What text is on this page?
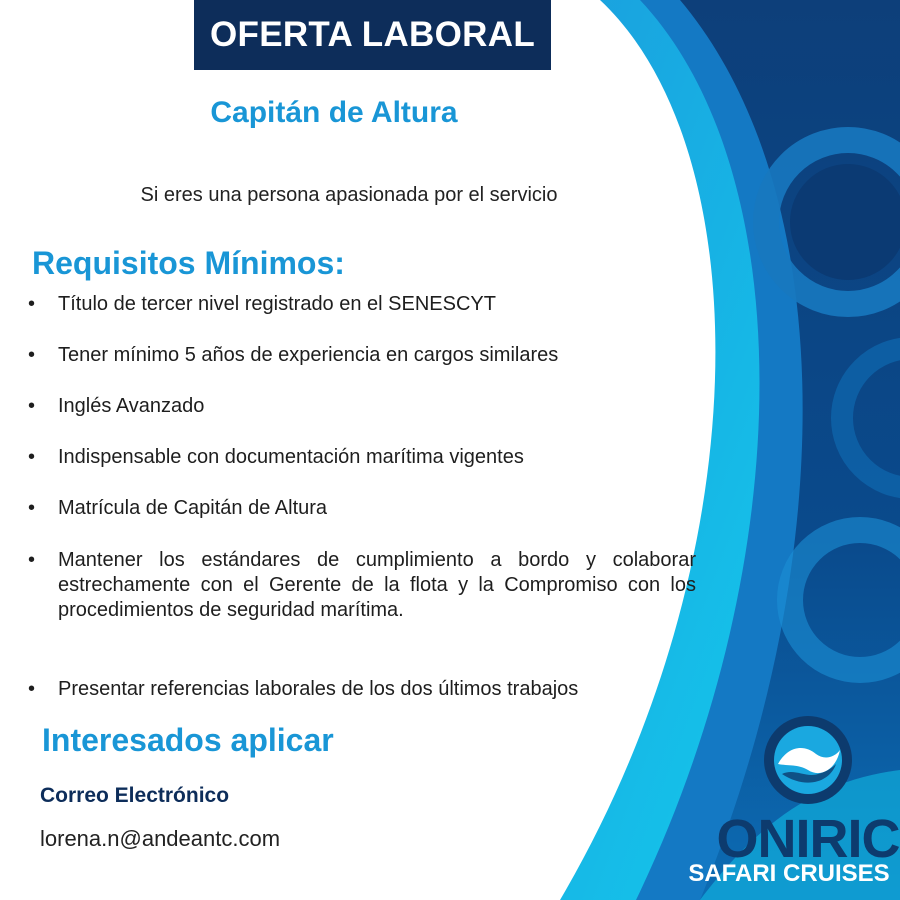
OFERTA LABORAL
Capitán de Altura
Si eres una persona apasionada por el servicio
Requisitos Mínimos:
• Título de tercer nivel registrado en el SENESCYT
• Tener mínimo 5 años de experiencia en cargos similares
• Inglés Avanzado
• Indispensable con documentación marítima vigentes
• Matrícula de Capitán de Altura
• Mantener los estándares de cumplimiento a bordo y colaborar estrechamente con el Gerente de la flota y la Compromiso con los procedimientos de seguridad marítima.
• Presentar referencias laborales de los dos últimos trabajos
Interesados aplicar
Correo Electrónico
lorena.n@andeantc.com	ONIRIC
SAFARI CRUISES
